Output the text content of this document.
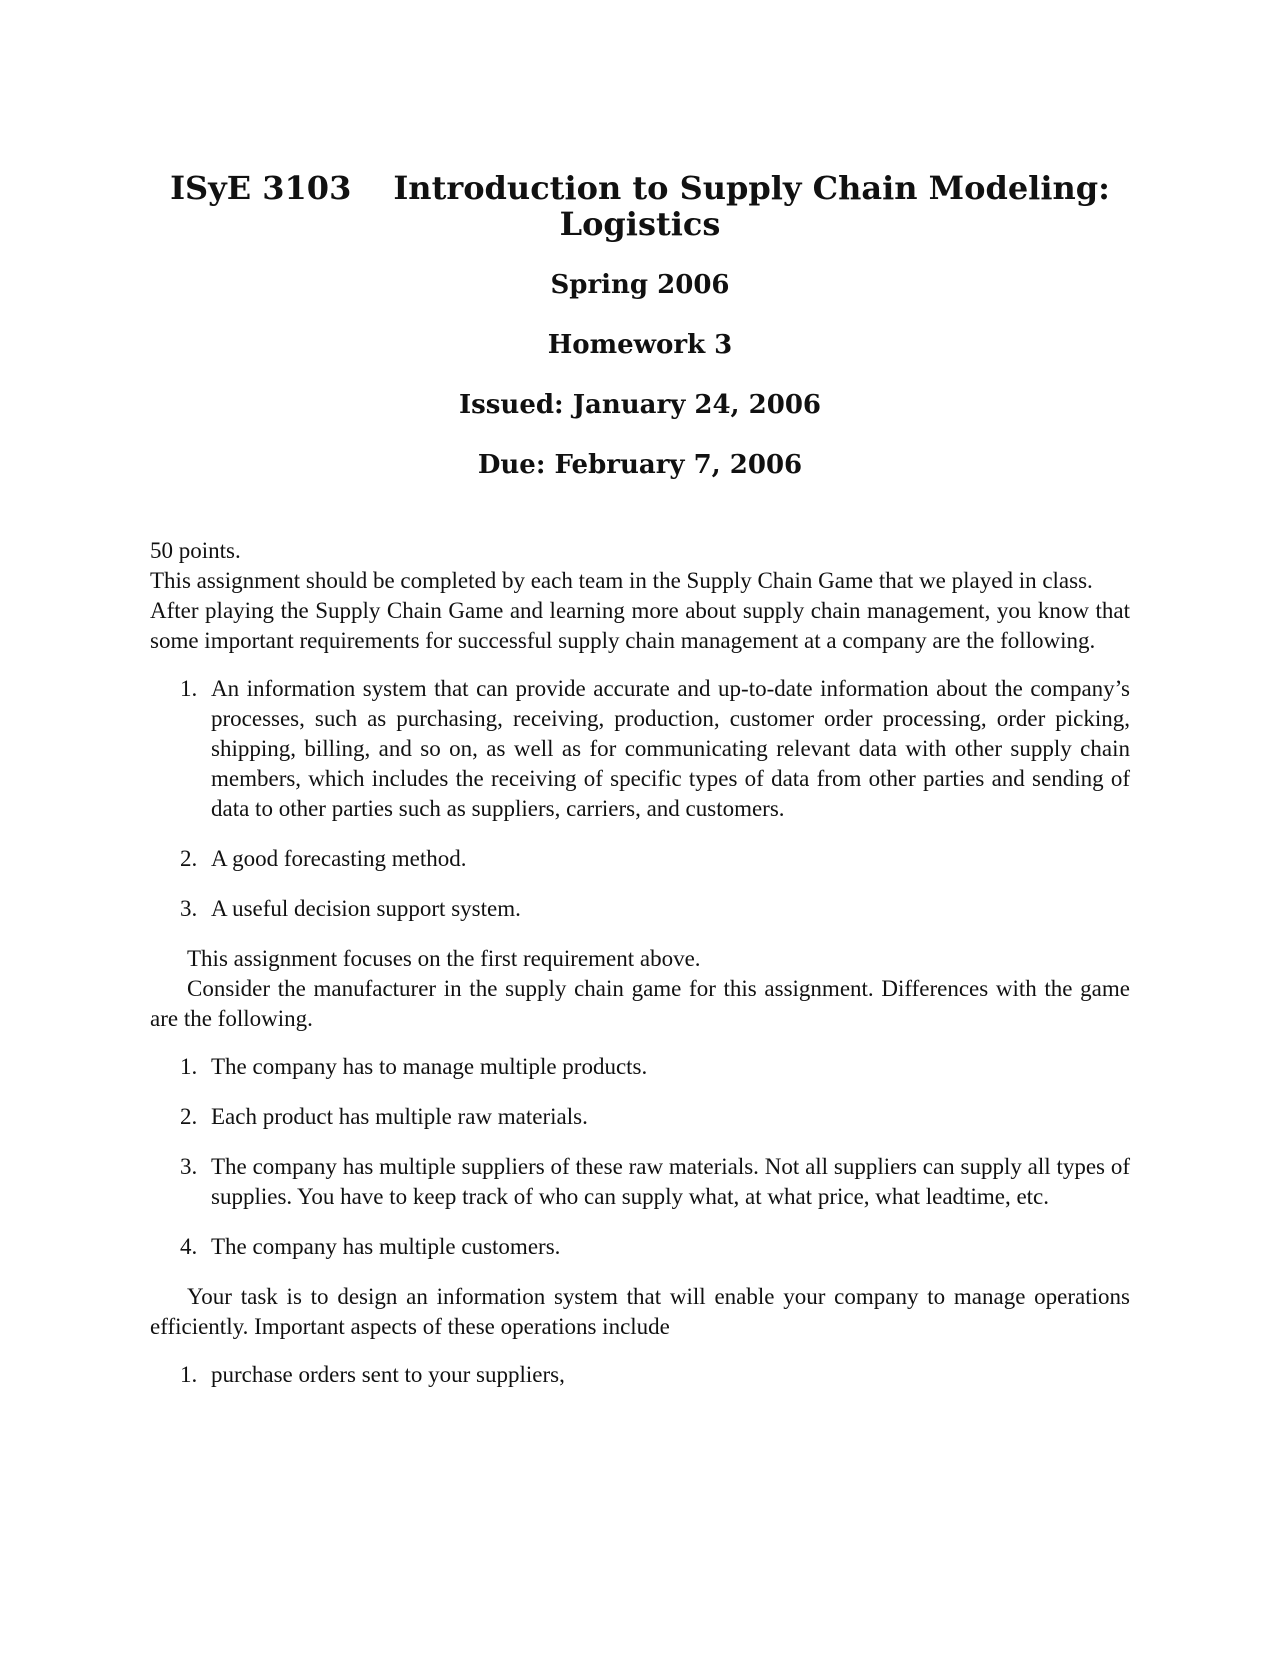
ISyE 3103 Introduction to Supply Chain Modeling:
Logistics
Spring 2006
Homework 3
Issued: January 24, 2006
Due: February 7, 2006

50 points.

This assignment should be completed by each team in the Supply Chain Game that we played in class.

After playing the Supply Chain Game and learning more about supply chain management, you know that some important requirements for successful supply chain management at a company are the following.

1. An information system that can provide accurate and up-to-date information about the company’s processes, such as purchasing, receiving, production, customer order processing, order picking, shipping, billing, and so on, as well as for communicating relevant data with other supply chain members, which includes the receiving of specific types of data from other parties and sending of data to other parties such as suppliers, carriers, and customers.
2. A good forecasting method.
3. A useful decision support system.

This assignment focuses on the first requirement above.

Consider the manufacturer in the supply chain game for this assignment. Differences with the game are the following.

1. The company has to manage multiple products.
2. Each product has multiple raw materials.
3. The company has multiple suppliers of these raw materials. Not all suppliers can supply all types of supplies. You have to keep track of who can supply what, at what price, what leadtime, etc.
4. The company has multiple customers.

Your task is to design an information system that will enable your company to manage operations efficiently. Important aspects of these operations include

1. purchase orders sent to your suppliers,
